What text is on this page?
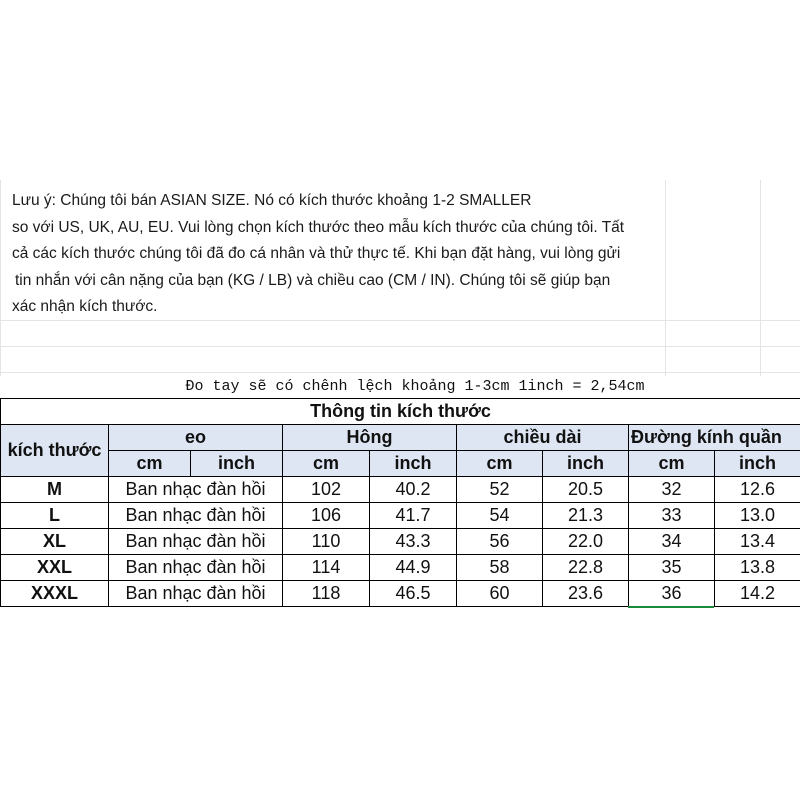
Lưu ý: Chúng tôi bán ASIAN SIZE. Nó có kích thước khoảng 1-2 SMALLER
so với US, UK, AU, EU. Vui lòng chọn kích thước theo mẫu kích thước của chúng tôi. Tất
cả các kích thước chúng tôi đã đo cá nhân và thử thực tế. Khi bạn đặt hàng, vui lòng gửi
tin nhắn với cân nặng của bạn (KG / LB) và chiều cao (CM / IN). Chúng tôi sẽ giúp bạn
xác nhận kích thước.
Đo tay sẽ có chênh lệch khoảng 1-3cm 1inch = 2,54cm
Thông tin kích thước								
kích thước	eo		Hông		chiều dài		Đường kính quần	
	cm	inch	cm	inch	cm	inch	cm	inch
M	Ban nhạc đàn hồi		102	40.2	52	20.5	32	12.6
L	Ban nhạc đàn hồi		106	41.7	54	21.3	33	13.0
XL	Ban nhạc đàn hồi		110	43.3	56	22.0	34	13.4
XXL	Ban nhạc đàn hồi		114	44.9	58	22.8	35	13.8
XXXL	Ban nhạc đàn hồi		118	46.5	60	23.6	36	14.2
